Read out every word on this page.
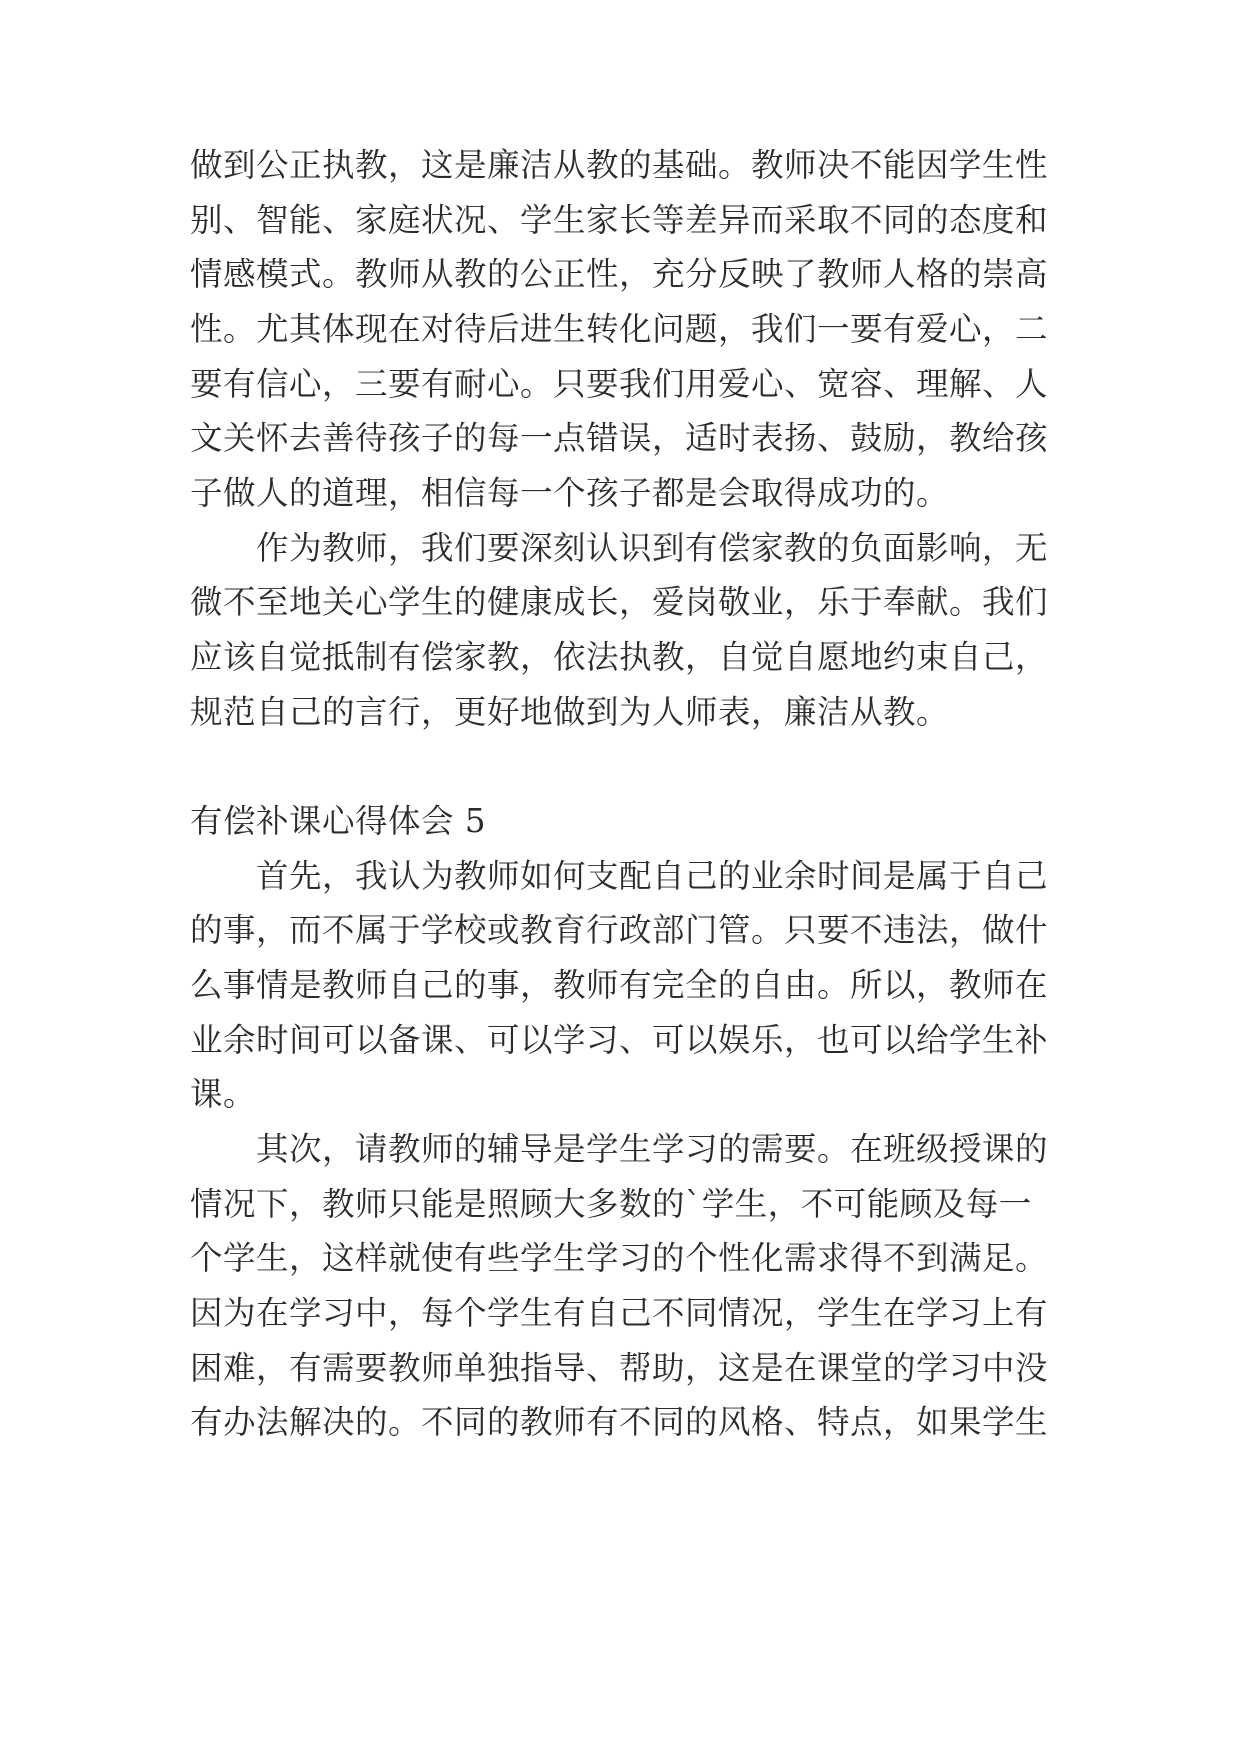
做到公正执教，这是廉洁从教的基础。教师决不能因学生性
别、智能、家庭状况、学生家长等差异而采取不同的态度和
情感模式。教师从教的公正性，充分反映了教师人格的崇高
性。尤其体现在对待后进生转化问题，我们一要有爱心，二
要有信心，三要有耐心。只要我们用爱心、宽容、理解、人
文关怀去善待孩子的每一点错误，适时表扬、鼓励，教给孩
子做人的道理，相信每一个孩子都是会取得成功的。
　　作为教师，我们要深刻认识到有偿家教的负面影响，无
微不至地关心学生的健康成长，爱岗敬业，乐于奉献。我们
应该自觉抵制有偿家教，依法执教，自觉自愿地约束自己，
规范自己的言行，更好地做到为人师表，廉洁从教。
有偿补课心得体会 5
　　首先，我认为教师如何支配自己的业余时间是属于自己
的事，而不属于学校或教育行政部门管。只要不违法，做什
么事情是教师自己的事，教师有完全的自由。所以，教师在
业余时间可以备课、可以学习、可以娱乐，也可以给学生补
课。
　　其次，请教师的辅导是学生学习的需要。在班级授课的
情况下，教师只能是照顾大多数的`学生，不可能顾及每一
个学生，这样就使有些学生学习的个性化需求得不到满足。
因为在学习中，每个学生有自己不同情况，学生在学习上有
困难，有需要教师单独指导、帮助，这是在课堂的学习中没
有办法解决的。不同的教师有不同的风格、特点，如果学生
